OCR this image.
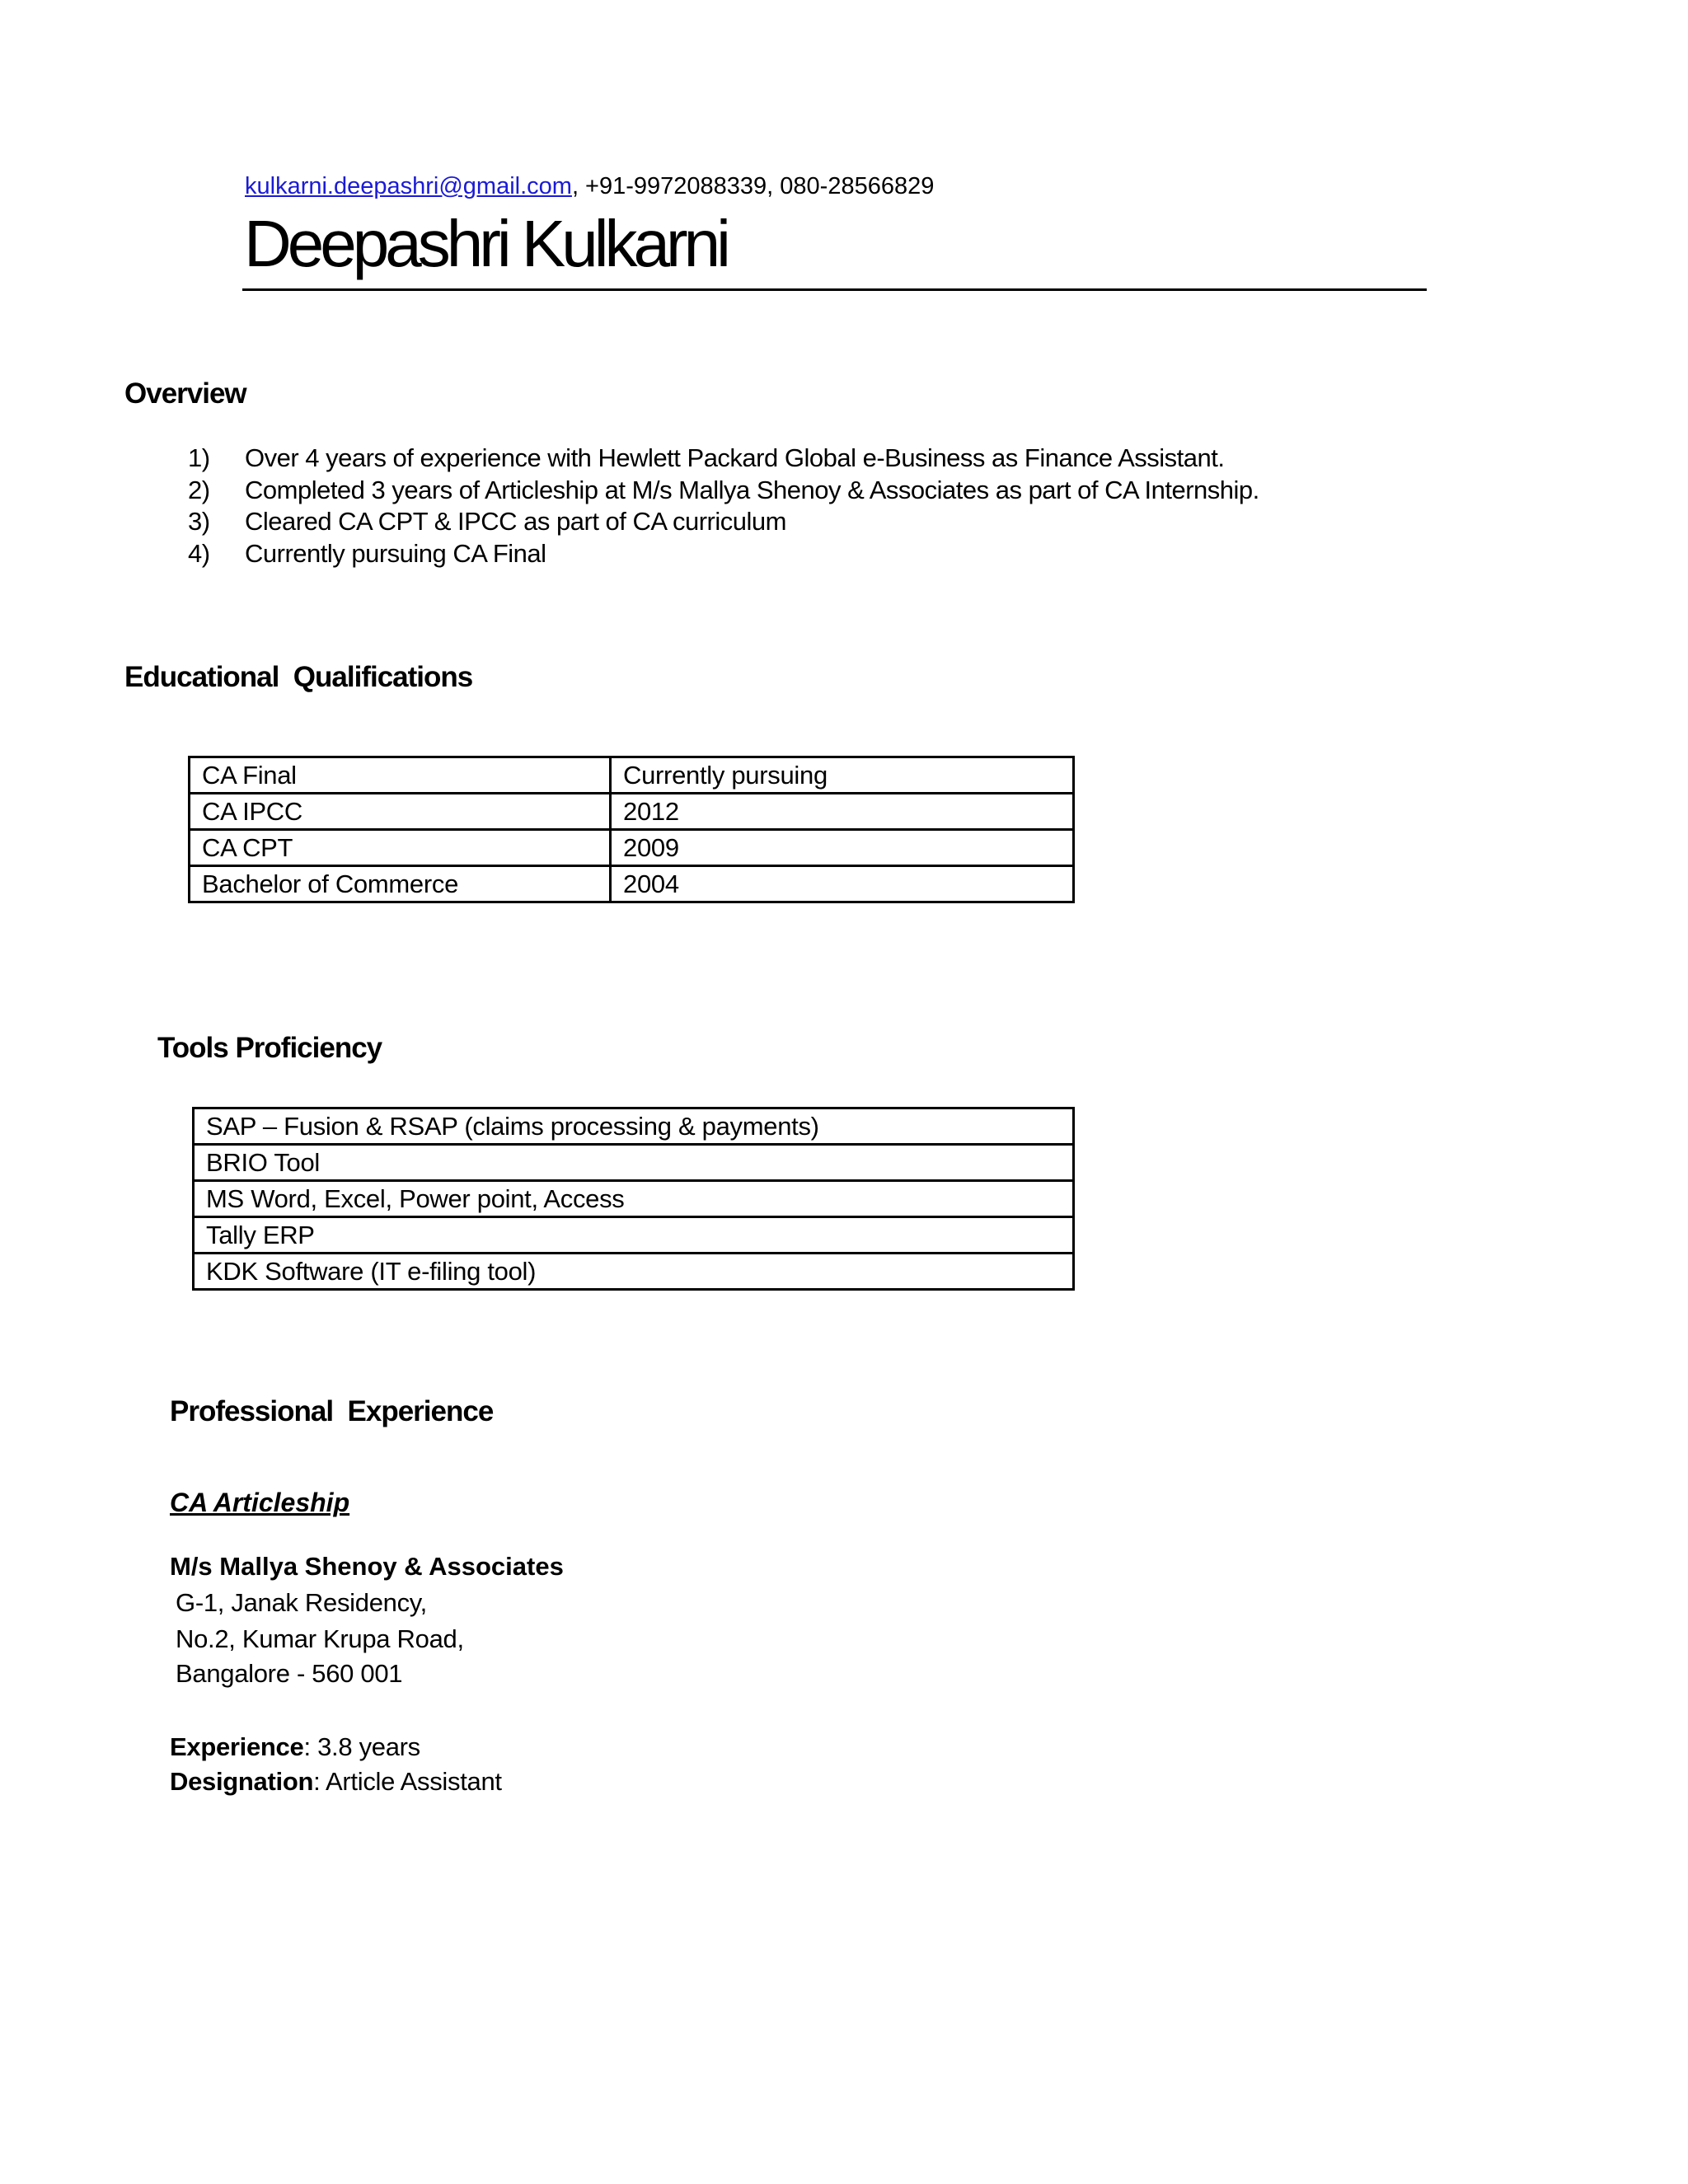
kulkarni.deepashri@gmail.com, +91-9972088339, 080-28566829
Deepashri Kulkarni
Overview
1)	Over 4 years of experience with Hewlett Packard Global e-Business as Finance Assistant.
2)	Completed 3 years of Articleship at M/s Mallya Shenoy & Associates as part of CA Internship.
3)	Cleared CA CPT & IPCC as part of CA curriculum
4)	Currently pursuing CA Final
Educational  Qualifications
CA Final	Currently pursuing
CA IPCC	2012
CA CPT	2009
Bachelor of Commerce	2004
Tools Proficiency
SAP – Fusion & RSAP (claims processing & payments)
BRIO Tool
MS Word, Excel, Power point, Access
Tally ERP
KDK Software (IT e-filing tool)
Professional  Experience
CA Articleship
M/s Mallya Shenoy & Associates
G-1, Janak Residency,
No.2, Kumar Krupa Road,
Bangalore - 560 001
Experience: 3.8 years
Designation: Article Assistant
